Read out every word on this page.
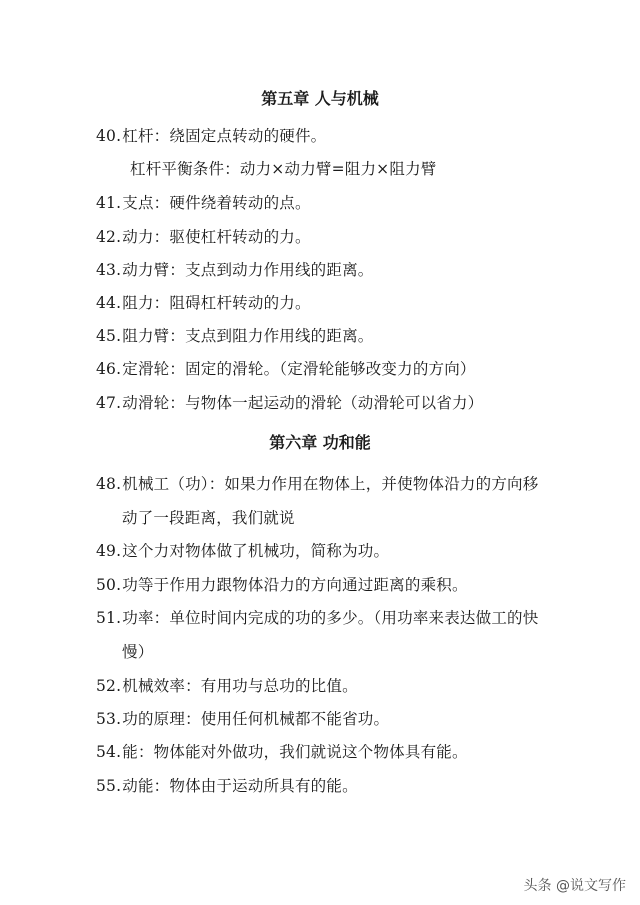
第五章 人与机械
40.杠杆：绕固定点转动的硬件。
杠杆平衡条件：动力×动力臂=阻力×阻力臂
41.支点：硬件绕着转动的点。
42.动力：驱使杠杆转动的力。
43.动力臂：支点到动力作用线的距离。
44.阻力：阻碍杠杆转动的力。
45.阻力臂：支点到阻力作用线的距离。
46.定滑轮：固定的滑轮。（定滑轮能够改变力的方向）
47.动滑轮：与物体一起运动的滑轮（动滑轮可以省力）
第六章 功和能
48.机械工（功）：如果力作用在物体上，并使物体沿力的方向移
动了一段距离，我们就说
49.这个力对物体做了机械功，简称为功。
50.功等于作用力跟物体沿力的方向通过距离的乘积。
51.功率：单位时间内完成的功的多少。（用功率来表达做工的快
慢）
52.机械效率：有用功与总功的比值。
53.功的原理：使用任何机械都不能省功。
54.能：物体能对外做功，我们就说这个物体具有能。
55.动能：物体由于运动所具有的能。
头条 @说文写作
